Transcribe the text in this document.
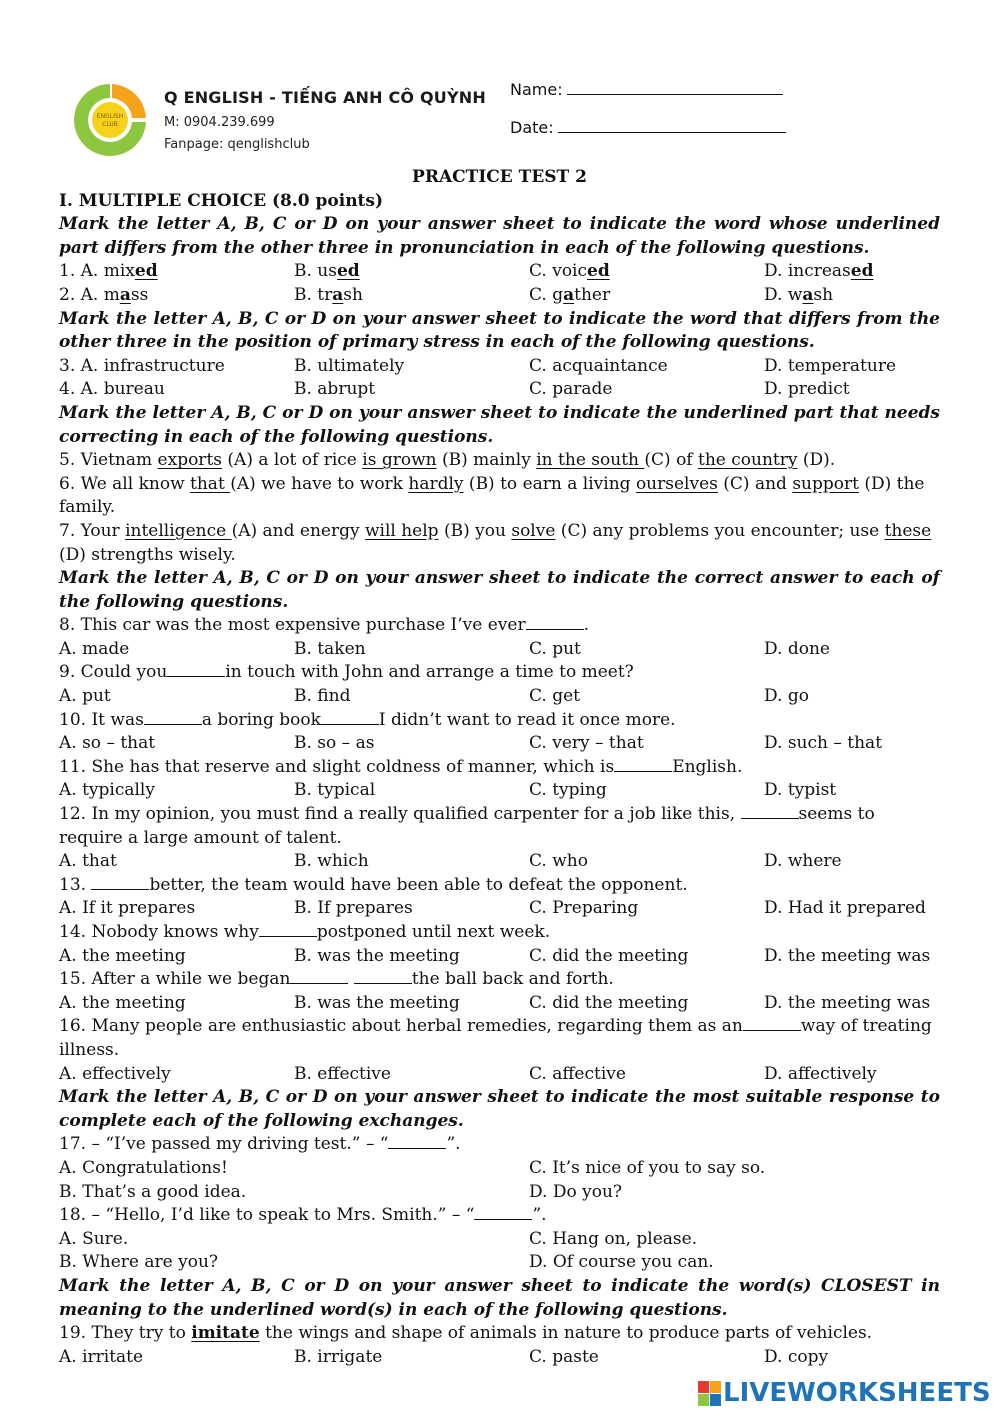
ENGLISH
CLUB
Q ENGLISH - TIẾNG ANH CÔ QUỲNH
M: 0904.239.699
Fanpage: qenglishclub
Name:
Date:
PRACTICE TEST 2
I. MULTIPLE CHOICE (8.0 points)
Mark the letter A, B, C or D on your answer sheet to indicate the word whose underlined part differs from the other three in pronunciation in each of the following questions.
1. A. mixed	B. used	C. voiced	D. increased
2. A. mass	B. trash	C. gather	D. wash
Mark the letter A, B, C or D on your answer sheet to indicate the word that differs from the other three in the position of primary stress in each of the following questions.
3. A. infrastructure	B. ultimately	C. acquaintance	D. temperature
4. A. bureau	B. abrupt	C. parade	D. predict
Mark the letter A, B, C or D on your answer sheet to indicate the underlined part that needs correcting in each of the following questions.
5. Vietnam exports (A) a lot of rice is grown (B) mainly in the south (C) of the country (D).
6. We all know that (A) we have to work hardly (B) to earn a living ourselves (C) and support (D) the family.
7. Your intelligence (A) and energy will help (B) you solve (C) any problems you encounter; use these (D) strengths wisely.
Mark the letter A, B, C or D on your answer sheet to indicate the correct answer to each of the following questions.
8. This car was the most expensive purchase I’ve ever	.
A. made	B. taken	C. put	D. done
9. Could you	in touch with John and arrange a time to meet?
A. put	B. find	C. get	D. go
10. It was	a boring book	I didn’t want to read it once more.
A. so – that	B. so – as	C. very – that	D. such – that
11. She has that reserve and slight coldness of manner, which is	English.
A. typically	B. typical	C. typing	D. typist
12. In my opinion, you must find a really qualified carpenter for a job like this,	seems to require a large amount of talent.
A. that	B. which	C. who	D. where
13.	better, the team would have been able to defeat the opponent.
A. If it prepares	B. If prepares	C. Preparing	D. Had it prepared
14. Nobody knows why	postponed until next week.
A. the meeting	B. was the meeting	C. did the meeting	D. the meeting was
15. After a while we began	the ball back and forth.
A. the meeting	B. was the meeting	C. did the meeting	D. the meeting was
16. Many people are enthusiastic about herbal remedies, regarding them as an	way of treating illness.
A. effectively	B. effective	C. affective	D. affectively
Mark the letter A, B, C or D on your answer sheet to indicate the most suitable response to complete each of the following exchanges.
17. – “I’ve passed my driving test.” – “	”.
A. Congratulations!	C. It’s nice of you to say so.
B. That’s a good idea.	D. Do you?
18. – “Hello, I’d like to speak to Mrs. Smith.” – “	”.
A. Sure.	C. Hang on, please.
B. Where are you?	D. Of course you can.
Mark the letter A, B, C or D on your answer sheet to indicate the word(s) CLOSEST in meaning to the underlined word(s) in each of the following questions.
19. They try to imitate the wings and shape of animals in nature to produce parts of vehicles.
A. irritate	B. irrigate	C. paste	D. copy
LIVEWORKSHEETS
